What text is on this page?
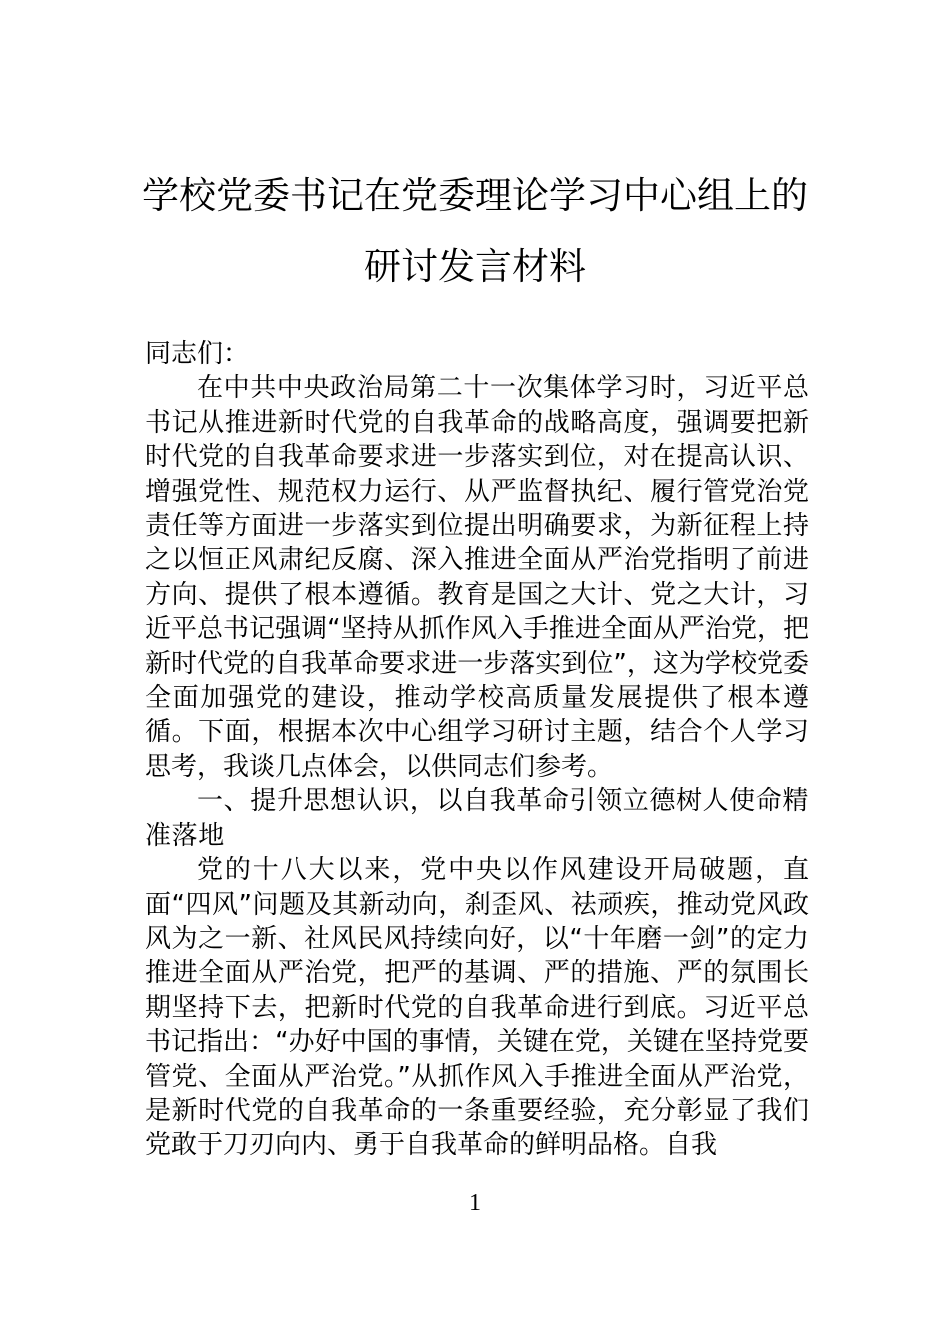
学校党委书记在党委理论学习中心组上的
研讨发言材料

同志们：

在中共中央政治局第二十一次集体学习时，习近平总书记从推进新时代党的自我革命的战略高度，强调要把新时代党的自我革命要求进一步落实到位，对在提高认识、增强党性、规范权力运行、从严监督执纪、履行管党治党责任等方面进一步落实到位提出明确要求，为新征程上持之以恒正风肃纪反腐、深入推进全面从严治党指明了前进方向、提供了根本遵循。教育是国之大计、党之大计，习近平总书记强调“坚持从抓作风入手推进全面从严治党，把新时代党的自我革命要求进一步落实到位”，这为学校党委全面加强党的建设，推动学校高质量发展提供了根本遵循。下面，根据本次中心组学习研讨主题，结合个人学习思考，我谈几点体会，以供同志们参考。

一、提升思想认识，以自我革命引领立德树人使命精准落地

党的十八大以来，党中央以作风建设开局破题，直面“四风”问题及其新动向，刹歪风、祛顽疾，推动党风政风为之一新、社风民风持续向好，以“十年磨一剑”的定力推进全面从严治党，把严的基调、严的措施、严的氛围长期坚持下去，把新时代党的自我革命进行到底。习近平总书记指出：“办好中国的事情，关键在党，关键在坚持党要管党、全面从严治党。”从抓作风入手推进全面从严治党，是新时代党的自我革命的一条重要经验，充分彰显了我们党敢于刀刃向内、勇于自我革命的鲜明品格。自我

1
